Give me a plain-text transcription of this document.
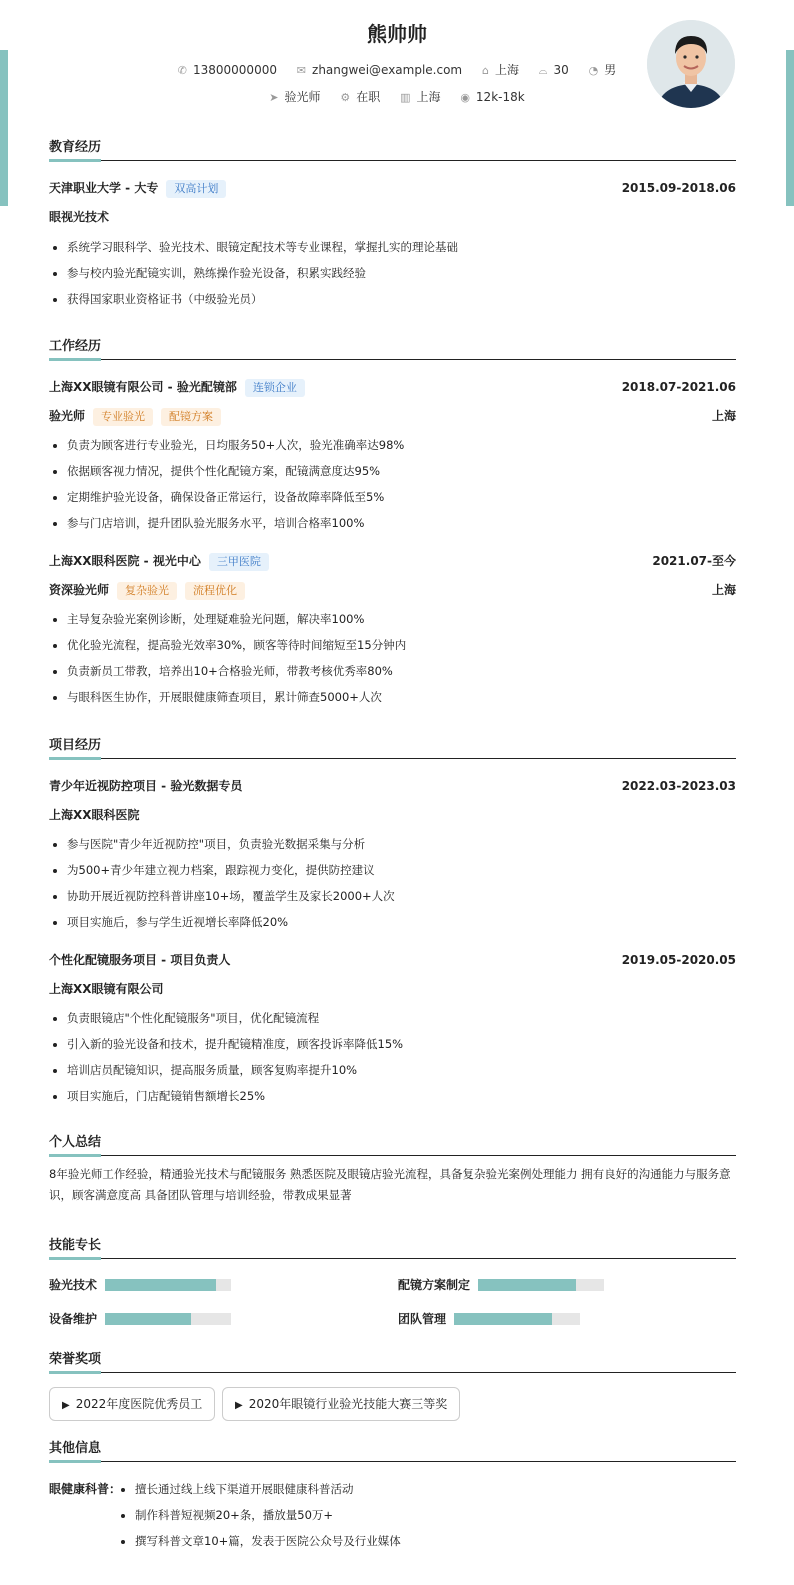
熊帅帅
✆ 13800000000 ✉ zhangwei@example.com ⌂ 上海 ⌓ 30 ◔ 男
➤ 验光师 ⚙ 在职 ▥ 上海 ◉ 12k-18k
教育经历
天津职业大学 - 大专 双高计划	2015.09-2018.06
眼视光技术
• 系统学习眼科学、验光技术、眼镜定配技术等专业课程，掌握扎实的理论基础
• 参与校内验光配镜实训，熟练操作验光设备，积累实践经验
• 获得国家职业资格证书（中级验光员）
工作经历
上海XX眼镜有限公司 - 验光配镜部 连锁企业	2018.07-2021.06
验光师 专业验光 配镜方案	上海
• 负责为顾客进行专业验光，日均服务50+人次，验光准确率达98%
• 依据顾客视力情况，提供个性化配镜方案，配镜满意度达95%
• 定期维护验光设备，确保设备正常运行，设备故障率降低至5%
• 参与门店培训，提升团队验光服务水平，培训合格率100%
上海XX眼科医院 - 视光中心 三甲医院	2021.07-至今
资深验光师 复杂验光 流程优化	上海
• 主导复杂验光案例诊断，处理疑难验光问题，解决率100%
• 优化验光流程，提高验光效率30%，顾客等待时间缩短至15分钟内
• 负责新员工带教，培养出10+合格验光师，带教考核优秀率80%
• 与眼科医生协作，开展眼健康筛查项目，累计筛查5000+人次
项目经历
青少年近视防控项目 - 验光数据专员	2022.03-2023.03
上海XX眼科医院
• 参与医院"青少年近视防控"项目，负责验光数据采集与分析
• 为500+青少年建立视力档案，跟踪视力变化，提供防控建议
• 协助开展近视防控科普讲座10+场，覆盖学生及家长2000+人次
• 项目实施后，参与学生近视增长率降低20%
个性化配镜服务项目 - 项目负责人	2019.05-2020.05
上海XX眼镜有限公司
• 负责眼镜店"个性化配镜服务"项目，优化配镜流程
• 引入新的验光设备和技术，提升配镜精准度，顾客投诉率降低15%
• 培训店员配镜知识，提高服务质量，顾客复购率提升10%
• 项目实施后，门店配镜销售额增长25%
个人总结
8年验光师工作经验，精通验光技术与配镜服务 熟悉医院及眼镜店验光流程，具备复杂验光案例处理能力 拥有良好的沟通能力与服务意识，顾客满意度高 具备团队管理与培训经验，带教成果显著
技能专长
验光技术	配镜方案制定
设备维护	团队管理
荣誉奖项
▶ 2022年度医院优秀员工	▶ 2020年眼镜行业验光技能大赛三等奖
其他信息
眼健康科普：
• 擅长通过线上线下渠道开展眼健康科普活动
• 制作科普短视频20+条，播放量50万+
• 撰写科普文章10+篇，发表于医院公众号及行业媒体
